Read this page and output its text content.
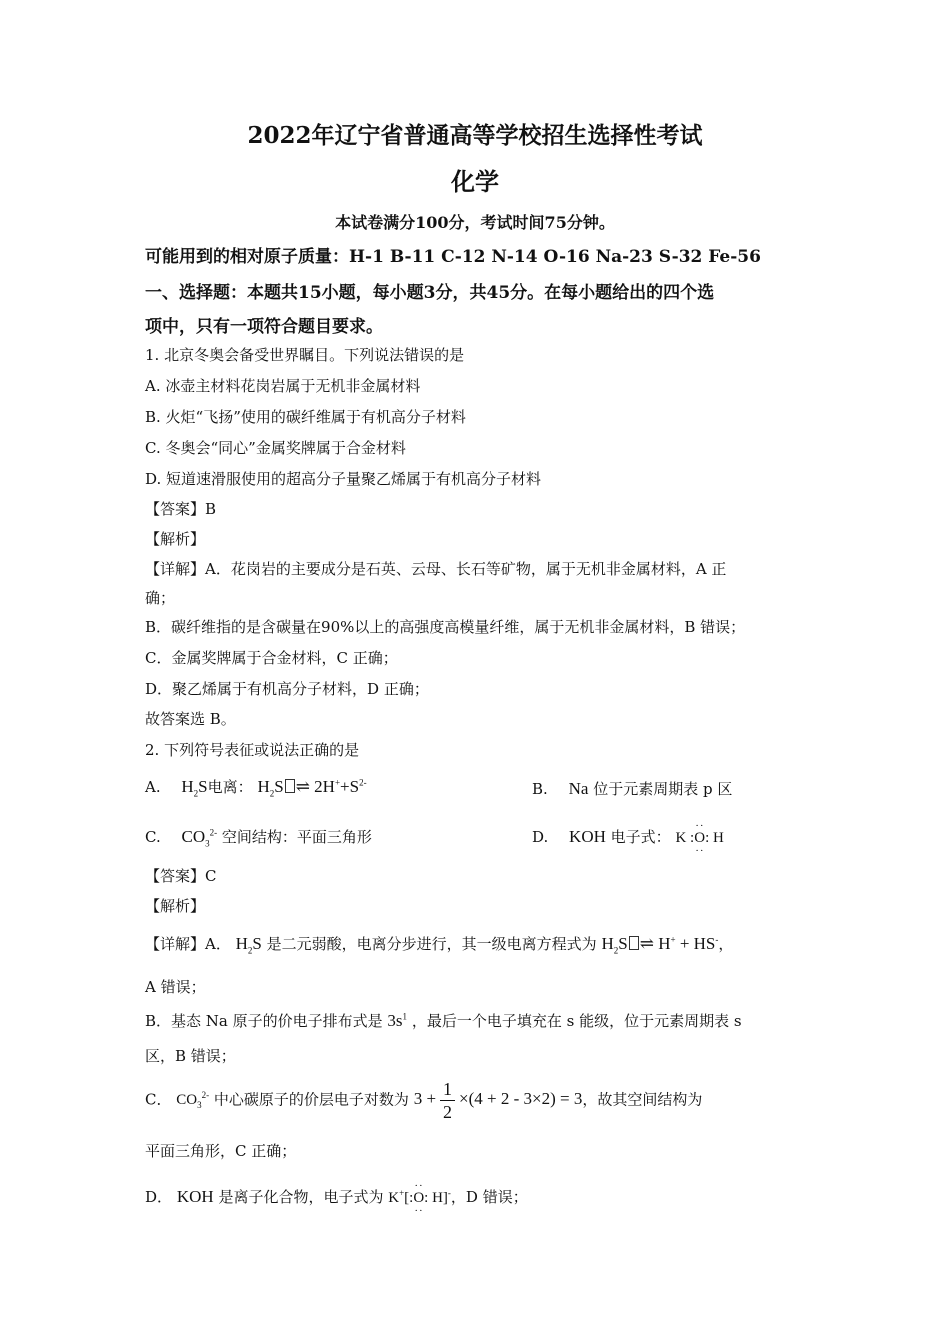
2022年辽宁省普通高等学校招生选择性考试
化学
本试卷满分100分，考试时间75分钟。
可能用到的相对原子质量：H-1 B-11 C-12 N-14 O-16 Na-23 S-32 Fe-56
一、选择题：本题共15小题，每小题3分，共45分。在每小题给出的四个选
项中，只有一项符合题目要求。
1. 北京冬奥会备受世界瞩目。下列说法错误的是
A. 冰壶主材料花岗岩属于无机非金属材料
B. 火炬“飞扬”使用的碳纤维属于有机高分子材料
C. 冬奥会“同心”金属奖牌属于合金材料
D. 短道速滑服使用的超高分子量聚乙烯属于有机高分子材料
【答案】B
【解析】
【详解】A．花岗岩的主要成分是石英、云母、长石等矿物，属于无机非金属材料，A 正
确；
B．碳纤维指的是含碳量在90%以上的高强度高模量纤维，属于无机非金属材料，B 错误；
C．金属奖牌属于合金材料，C 正确；
D．聚乙烯属于有机高分子材料，D 正确；
故答案选 B。
2. 下列符号表征或说法正确的是
A. $H_2S$电离： $H_2S$ ⇌ $2H^++S^{2-}$	B. Na 位于元素周期表 p 区
C. $CO_3^{2-}$ 空间结构：平面三角形	D. KOH 电子式： K :·· O ··: H
【答案】C
【解析】
【详解】A． $H_2S$ 是二元弱酸，电离分步进行，其一级电离方程式为 $H_2S$ ⇌ H+ + HS-，
A 错误；
B．基态 Na 原子的价电子排布式是 $3s^1$ ，最后一个电子填充在 s 能级，位于元素周期表 s
区，B 错误；
C． $CO_3^{2-}$ 中心碳原子的价层电子对数为 $3 + \frac{1}{2} \times(4 + 2 - 3\times 2) = 3$，故其空间结构为
平面三角形，C 正确；
D． KOH 是离子化合物，电子式为 K+[:·· O ··: H]-，D 错误；
